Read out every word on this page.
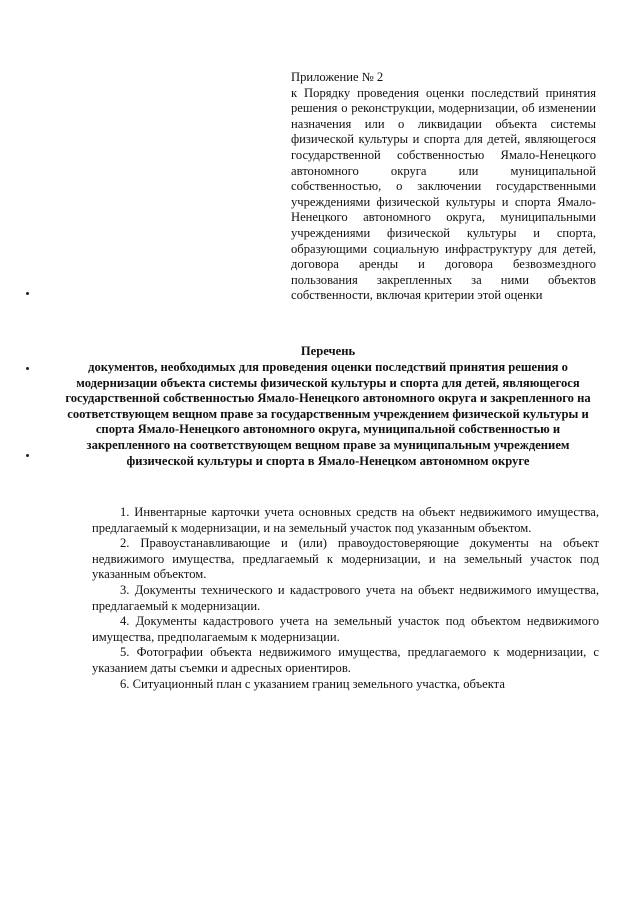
Приложение № 2
к Порядку проведения оценки последствий принятия решения о реконструкции, модернизации, об изменении назначения или о ликвидации объекта системы физической культуры и спорта для детей, являющегося государственной собственностью Ямало-Ненецкого автономного округа или муниципальной собственностью, о заключении государственными учреждениями физической культуры и спорта Ямало-Ненецкого автономного округа, муниципальными учреждениями физической культуры и спорта, образующими социальную инфраструктуру для детей, договора аренды и договора безвозмездного пользования закрепленных за ними объектов собственности, включая критерии этой оценки
Перечень
документов, необходимых для проведения оценки последствий принятия решения о модернизации объекта системы физической культуры и спорта для детей, являющегося государственной собственностью Ямало-Ненецкого автономного округа и закрепленного на соответствующем вещном праве за государственным учреждением физической культуры и спорта Ямало-Ненецкого автономного округа, муниципальной собственностью и закрепленного на соответствующем вещном праве за муниципальным учреждением физической культуры и спорта в Ямало-Ненецком автономном округе

1. Инвентарные карточки учета основных средств на объект недвижимого имущества, предлагаемый к модернизации, и на земельный участок под указанным объектом.

2. Правоустанавливающие и (или) правоудостоверяющие документы на объект недвижимого имущества, предлагаемый к модернизации, и на земельный участок под указанным объектом.

3. Документы технического и кадастрового учета на объект недвижимого имущества, предлагаемый к модернизации.

4. Документы кадастрового учета на земельный участок под объектом недвижимого имущества, предполагаемым к модернизации.

5. Фотографии объекта недвижимого имущества, предлагаемого к модернизации, с указанием даты съемки и адресных ориентиров.

6. Ситуационный план с указанием границ земельного участка, объекта
